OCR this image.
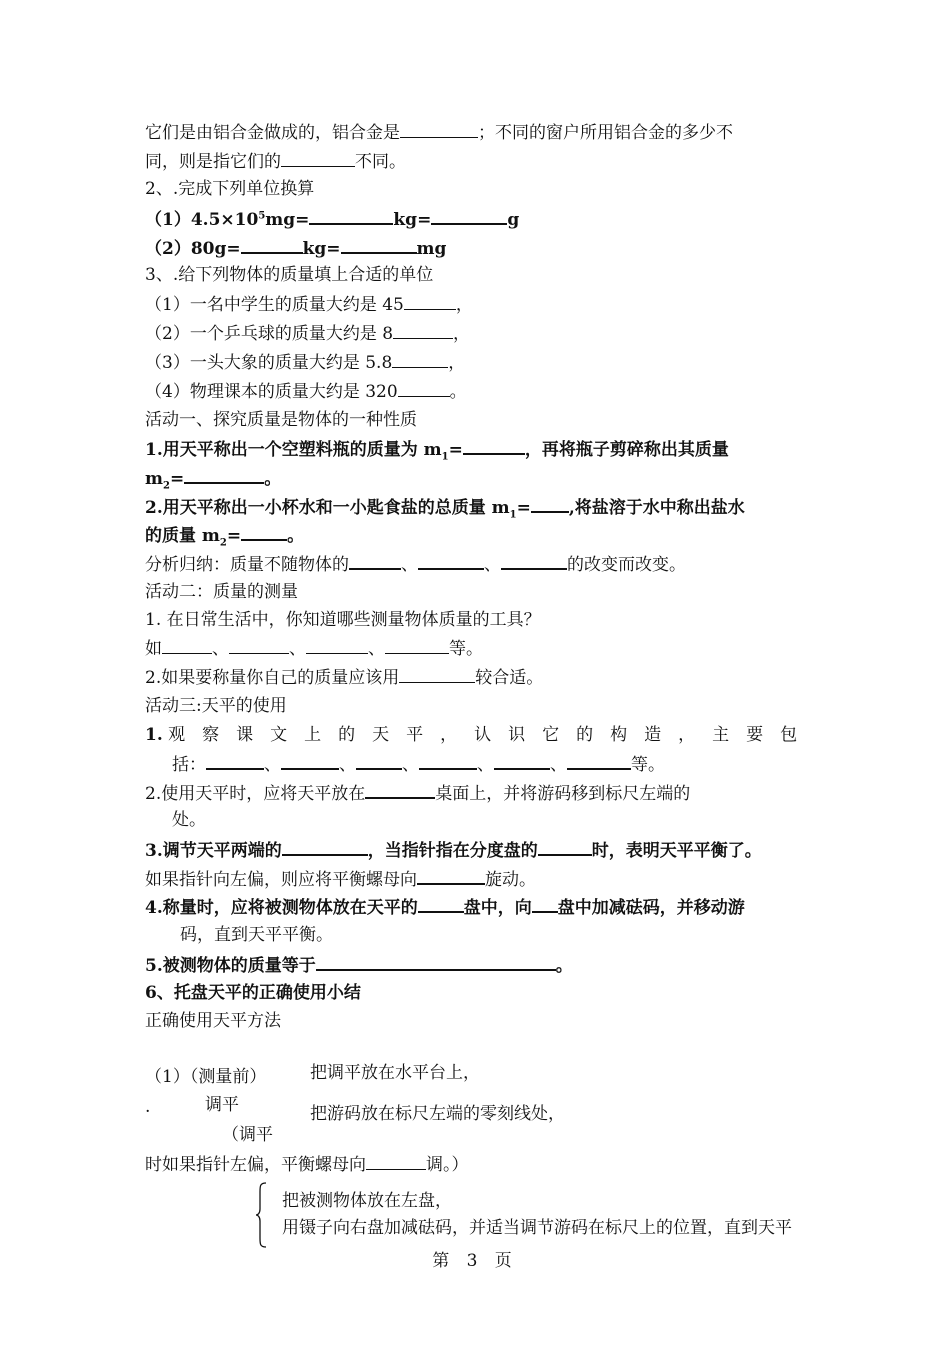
它们是由铝合金做成的，铝合金是	；不同的窗户所用铝合金的多少不
同，则是指它们的	不同。
2、.完成下列单位换算
$(1)4.5\times 10^5mg=$	kg=	g
（2）80g=	kg=	mg
3、.给下列物体的质量填上合适的单位
（1）一名中学生的质量大约是 45	，
（2）一个乒乓球的质量大约是 8	，
（3）一头大象的质量大约是 5.8	，
（4）物理课本的质量大约是 320	。
活动一、探究质量是物体的一种性质
1.用天平称出一个空塑料瓶的质量为 $m_1=$	，再将瓶子剪碎称出其质量
$m_2=$	。
2.用天平称出一小杯水和一小匙食盐的总质量 $m_1=$ ,将盐溶于水中称出盐水
的质量 $m_2=$	。
分析归纳：质量不随物体的	、	、	的改变而改变。
活动二：质量的测量
1. 在日常生活中，你知道哪些测量物体质量的工具？
如	、	、	、	等。
2.如果要称量你自己的质量应该用	较合适。
活动三:天平的使用
1. 观察课文上的天平，认识它的构造，主要包
括：	、	、	、	、	、	等。
2.使用天平时，应将天平放在	桌面上，并将游码移到标尺左端的
处。
3.调节天平两端的	，当指针指在分度盘的	时，表明天平平衡了。
如果指针向左偏，则应将平衡螺母向	旋动。
4.称量时，应将被测物体放在天平的	盘中，向 盘中加减砝码，并移动游
码，直到天平平衡。
5.被测物体的质量等于	。
6、托盘天平的正确使用小结
正确使用天平方法
（1）（测量前）	把调平放在水平台上，
.	调平	把游码放在标尺左端的零刻线处，
（调平
时如果指针左偏，平衡螺母向	调。）
把被测物体放在左盘，
用镊子向右盘加减砝码，并适当调节游码在标尺上的位置，直到天平
第 3 页
